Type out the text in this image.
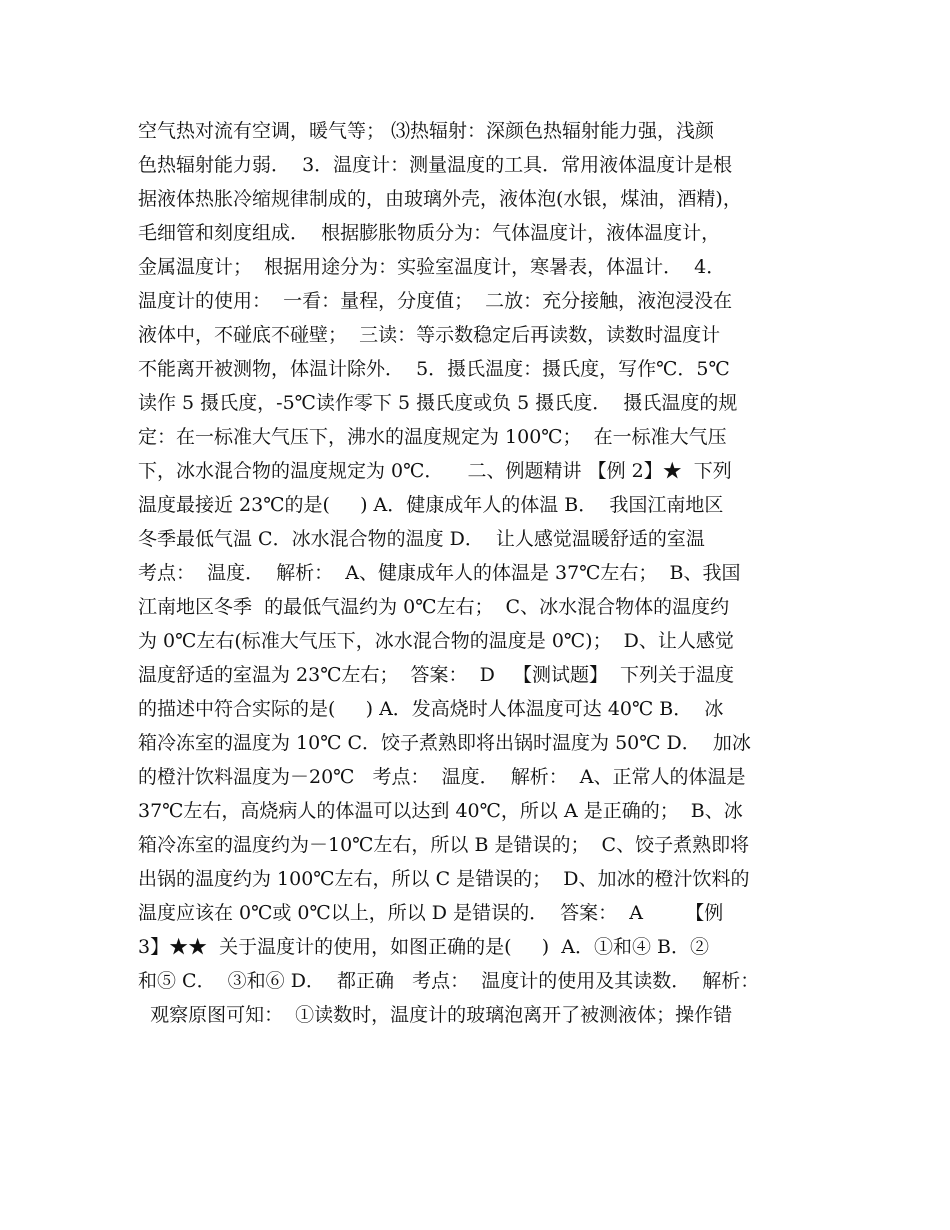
空气热对流有空调，暖气等； ⑶热辐射：深颜色热辐射能力强，浅颜
色热辐射能力弱．  3．温度计：测量温度的工具．常用液体温度计是根
据液体热胀冷缩规律制成的，由玻璃外壳，液体泡(水银，煤油，酒精)，
毛细管和刻度组成．  根据膨胀物质分为：气体温度计，液体温度计，
金属温度计；  根据用途分为：实验室温度计，寒暑表，体温计．  4．
温度计的使用：  一看：量程，分度值；  二放：充分接触，液泡浸没在
液体中，不碰底不碰壁；  三读：等示数稳定后再读数，读数时温度计
不能离开被测物，体温计除外．  5．摄氏温度：摄氏度，写作℃．5℃
读作 5 摄氏度，-5℃读作零下 5 摄氏度或负 5 摄氏度．  摄氏温度的规
定：在一标准大气压下，沸水的温度规定为 100℃；  在一标准大气压
下，冰水混合物的温度规定为 0℃．    二、例题精讲 【例 2】★  下列
温度最接近 23℃的是(     ) A．健康成年人的体温 B．  我国江南地区
冬季最低气温 C．冰水混合物的温度 D．  让人感觉温暖舒适的室温
考点：  温度．  解析：  A、健康成年人的体温是 37℃左右；  B、我国
江南地区冬季  的最低气温约为 0℃左右；  C、冰水混合物体的温度约
为 0℃左右(标准大气压下，冰水混合物的温度是 0℃)；  D、让人感觉
温度舒适的室温为 23℃左右；  答案：  D   【测试题】  下列关于温度
的描述中符合实际的是(     ) A．发高烧时人体温度可达 40℃ B．  冰
箱冷冻室的温度为 10℃ C．饺子煮熟即将出锅时温度为 50℃ D．  加冰
的橙汁饮料温度为－20℃   考点：  温度．  解析：  A、正常人的体温是
37℃左右，高烧病人的体温可以达到 40℃，所以 A 是正确的；  B、冰
箱冷冻室的温度约为－10℃左右，所以 B 是错误的；  C、饺子煮熟即将
出锅的温度约为 100℃左右，所以 C 是错误的；  D、加冰的橙汁饮料的
温度应该在 0℃或 0℃以上，所以 D 是错误的．  答案：  A       【例
3】★★  关于温度计的使用，如图正确的是(     )  A．①和④ B．②
和⑤ C．  ③和⑥ D．  都正确   考点：  温度计的使用及其读数．  解析：
观察原图可知：  ①读数时，温度计的玻璃泡离开了被测液体；操作错
